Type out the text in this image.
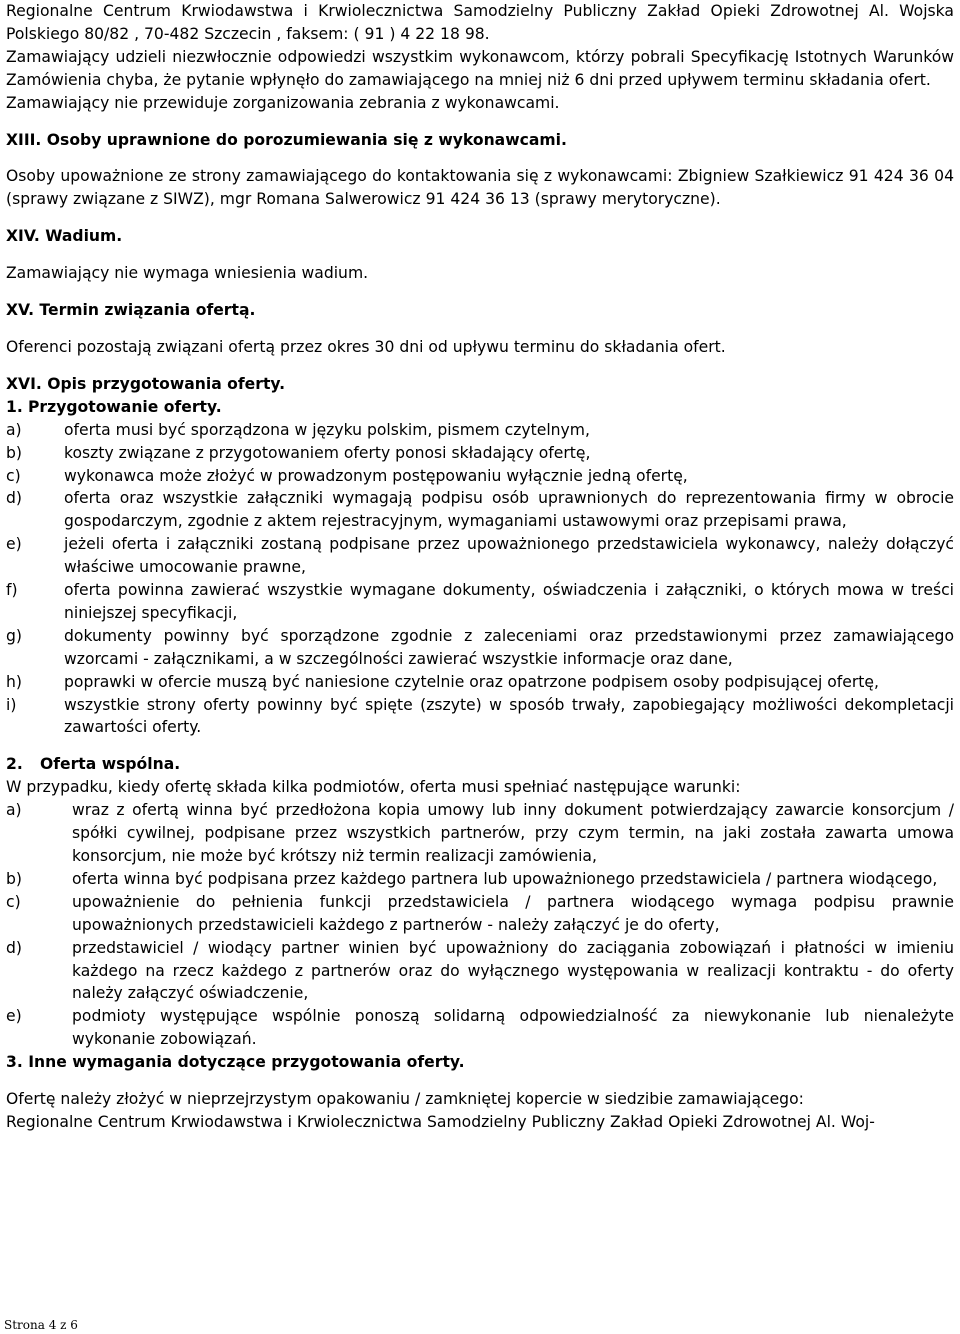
Regionalne Centrum Krwiodawstwa i Krwiolecznictwa Samodzielny Publiczny Zakład Opieki Zdrowotnej Al. Wojska Polskiego 80/82 , 70-482 Szczecin , faksem: ( 91 ) 4 22 18 98.

Zamawiający udzieli niezwłocznie odpowiedzi wszystkim wykonawcom, którzy pobrali Specyfikację Istotnych Warunków Zamówienia chyba, że pytanie wpłynęło do zamawiającego na mniej niż 6 dni przed upływem terminu składania ofert.

Zamawiający nie przewiduje zorganizowania zebrania z wykonawcami.

XIII. Osoby uprawnione do porozumiewania się z wykonawcami.

Osoby upoważnione ze strony zamawiającego do kontaktowania się z wykonawcami: Zbigniew Szałkiewicz 91 424 36 04 (sprawy związane z SIWZ), mgr Romana Salwerowicz 91 424 36 13 (sprawy merytoryczne).

XIV. Wadium.

Zamawiający nie wymaga wniesienia wadium.

XV. Termin związania ofertą.

Oferenci pozostają związani ofertą przez okres 30 dni od upływu terminu do składania ofert.

XVI. Opis przygotowania oferty.

1. Przygotowanie oferty.
a)	oferta musi być sporządzona w języku polskim, pismem czytelnym,
b)	koszty związane z przygotowaniem oferty ponosi składający ofertę,
c)	wykonawca może złożyć w prowadzonym postępowaniu wyłącznie jedną ofertę,
d)	oferta oraz wszystkie załączniki wymagają podpisu osób uprawnionych do reprezentowania firmy w obrocie gospodarczym, zgodnie z aktem rejestracyjnym, wymaganiami ustawowymi oraz przepisami prawa,
e)	jeżeli oferta i załączniki zostaną podpisane przez upoważnionego przedstawiciela wykonawcy, należy dołączyć właściwe umocowanie prawne,
f)	oferta powinna zawierać wszystkie wymagane dokumenty, oświadczenia i załączniki, o których mowa w treści niniejszej specyfikacji,
g)	dokumenty powinny być sporządzone zgodnie z zaleceniami oraz przedstawionymi przez zamawiającego wzorcami - załącznikami, a w szczególności zawierać wszystkie informacje oraz dane,
h)	poprawki w ofercie muszą być naniesione czytelnie oraz opatrzone podpisem osoby podpisującej ofertę,
i)	wszystkie strony oferty powinny być spięte (zszyte) w sposób trwały, zapobiegający możliwości dekompletacji zawartości oferty.
2.	Oferta wspólna.

W przypadku, kiedy ofertę składa kilka podmiotów, oferta musi spełniać następujące warunki:

a)	wraz z ofertą winna być przedłożona kopia umowy lub inny dokument potwierdzający zawarcie konsorcjum / spółki cywilnej, podpisane przez wszystkich partnerów, przy czym termin, na jaki została zawarta umowa konsorcjum, nie może być krótszy niż termin realizacji zamówienia,
b)	oferta winna być podpisana przez każdego partnera lub upoważnionego przedstawiciela / partnera wiodącego,
c)	upoważnienie do pełnienia funkcji przedstawiciela / partnera wiodącego wymaga podpisu prawnie upoważnionych przedstawicieli każdego z partnerów - należy załączyć je do oferty,
d)	przedstawiciel / wiodący partner winien być upoważniony do zaciągania zobowiązań i płatności w imieniu każdego na rzecz każdego z partnerów oraz do wyłącznego występowania w realizacji kontraktu - do oferty należy załączyć oświadczenie,
e)	podmioty występujące wspólnie ponoszą solidarną odpowiedzialność za niewykonanie lub nienależyte wykonanie zobowiązań.

3. Inne wymagania dotyczące przygotowania oferty.

Ofertę należy złożyć w nieprzejrzystym opakowaniu / zamkniętej kopercie w siedzibie zamawiającego:

Regionalne Centrum Krwiodawstwa i Krwiolecznictwa Samodzielny Publiczny Zakład Opieki Zdrowotnej Al. Woj-

Strona 4 z 6
